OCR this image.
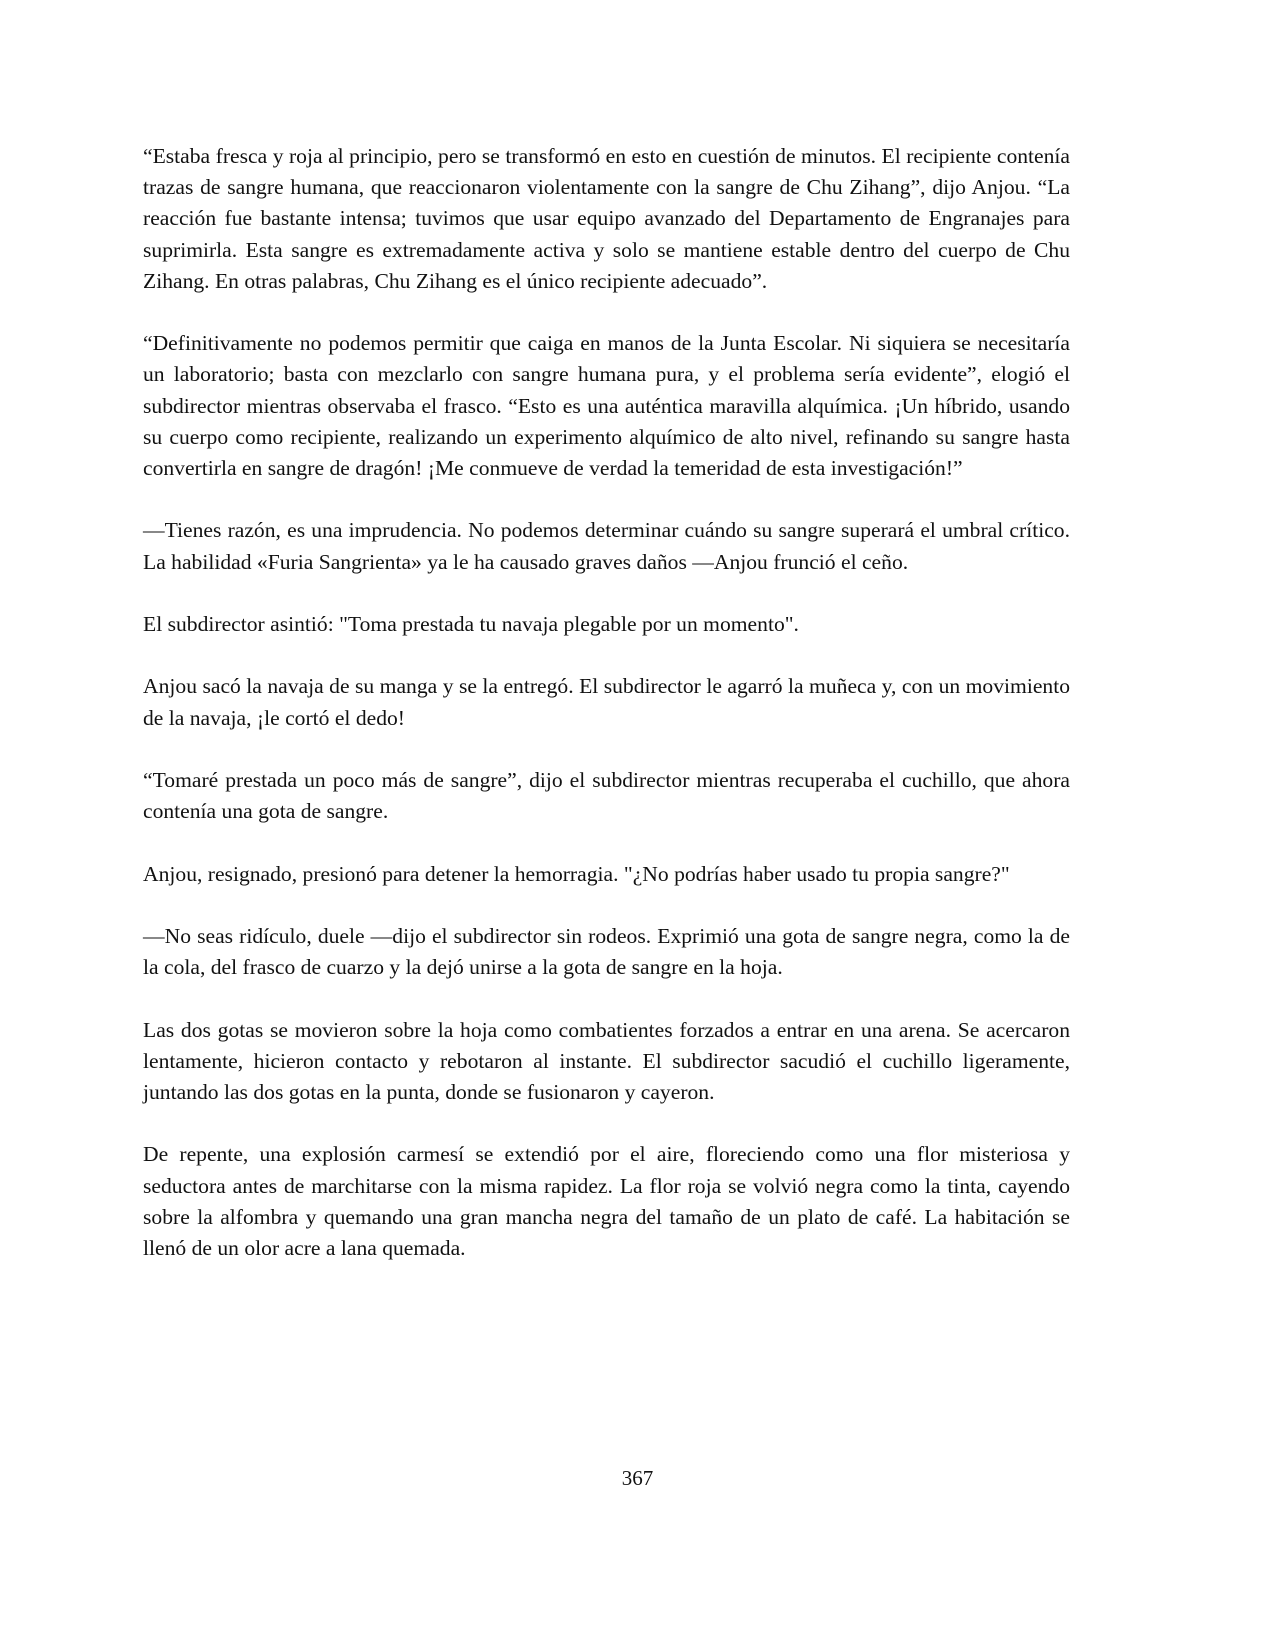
“Estaba fresca y roja al principio, pero se transformó en esto en cuestión de minutos. El recipiente contenía trazas de sangre humana, que reaccionaron violentamente con la sangre de Chu Zihang”, dijo Anjou. “La reacción fue bastante intensa; tuvimos que usar equipo avanzado del Departamento de Engranajes para suprimirla. Esta sangre es extremadamente activa y solo se mantiene estable dentro del cuerpo de Chu Zihang. En otras palabras, Chu Zihang es el único recipiente adecuado”.

“Definitivamente no podemos permitir que caiga en manos de la Junta Escolar. Ni siquiera se necesitaría un laboratorio; basta con mezclarlo con sangre humana pura, y el problema sería evidente”, elogió el subdirector mientras observaba el frasco. “Esto es una auténtica maravilla alquímica. ¡Un híbrido, usando su cuerpo como recipiente, realizando un experimento alquímico de alto nivel, refinando su sangre hasta convertirla en sangre de dragón! ¡Me conmueve de verdad la temeridad de esta investigación!”

—Tienes razón, es una imprudencia. No podemos determinar cuándo su sangre superará el umbral crítico. La habilidad «Furia Sangrienta» ya le ha causado graves daños —Anjou frunció el ceño.

El subdirector asintió: "Toma prestada tu navaja plegable por un momento".

Anjou sacó la navaja de su manga y se la entregó. El subdirector le agarró la muñeca y, con un movimiento de la navaja, ¡le cortó el dedo!

“Tomaré prestada un poco más de sangre”, dijo el subdirector mientras recuperaba el cuchillo, que ahora contenía una gota de sangre.

Anjou, resignado, presionó para detener la hemorragia. "¿No podrías haber usado tu propia sangre?"

—No seas ridículo, duele —dijo el subdirector sin rodeos. Exprimió una gota de sangre negra, como la de la cola, del frasco de cuarzo y la dejó unirse a la gota de sangre en la hoja.

Las dos gotas se movieron sobre la hoja como combatientes forzados a entrar en una arena. Se acercaron lentamente, hicieron contacto y rebotaron al instante. El subdirector sacudió el cuchillo ligeramente, juntando las dos gotas en la punta, donde se fusionaron y cayeron.

De repente, una explosión carmesí se extendió por el aire, floreciendo como una flor misteriosa y seductora antes de marchitarse con la misma rapidez. La flor roja se volvió negra como la tinta, cayendo sobre la alfombra y quemando una gran mancha negra del tamaño de un plato de café. La habitación se llenó de un olor acre a lana quemada.

367
